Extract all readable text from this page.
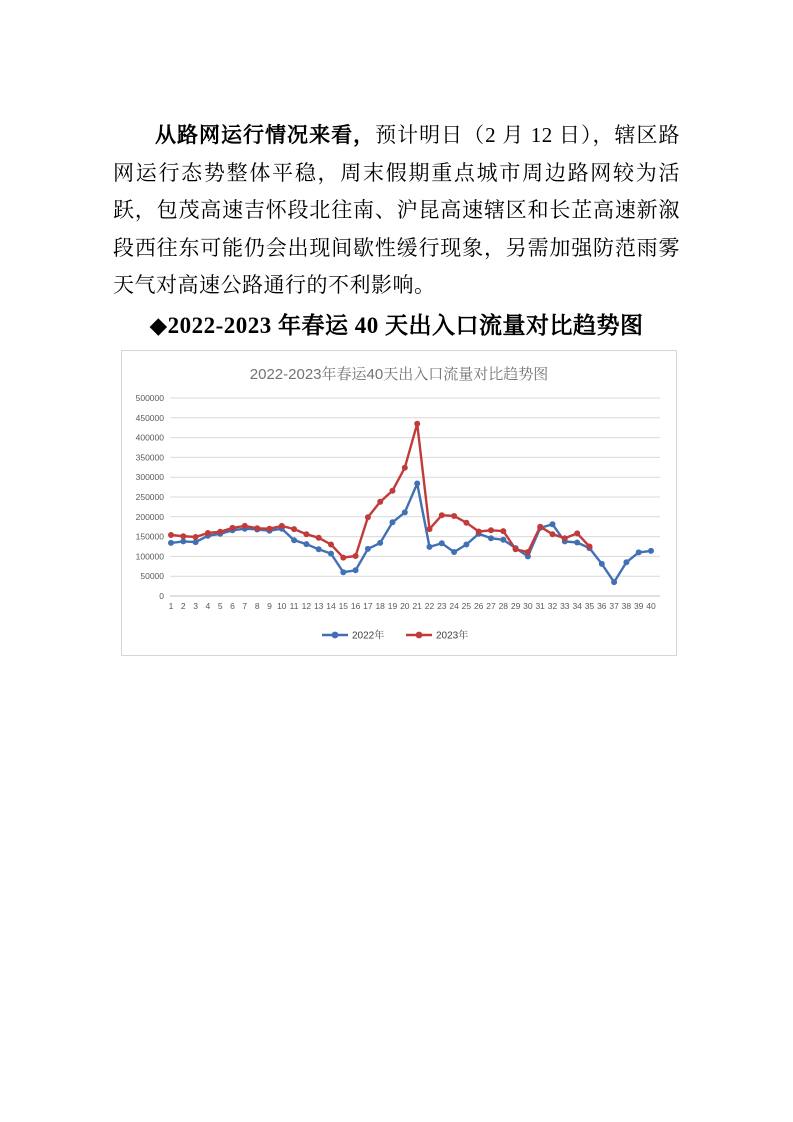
从路网运行情况来看，预计明日（2 月 12 日），辖区路网运行态势整体平稳，周末假期重点城市周边路网较为活跃，包茂高速吉怀段北往南、沪昆高速辖区和长芷高速新溆段西往东可能仍会出现间歇性缓行现象，另需加强防范雨雾天气对高速公路通行的不利影响。

◆2022-2023 年春运 40 天出入口流量对比趋势图
0
50000
100000
150000
200000
250000
300000
350000
400000
450000
500000
1 2 3 4 5 6 7 8 9 10 11 12 13 14 15 16 17 18 19 20 21 22 23 24 25 26 27 28 29 30 31 32 33 34 35 36 37 38 39 40
2022-2023年春运40天出入口流量对比趋势图
2022年	2023年
